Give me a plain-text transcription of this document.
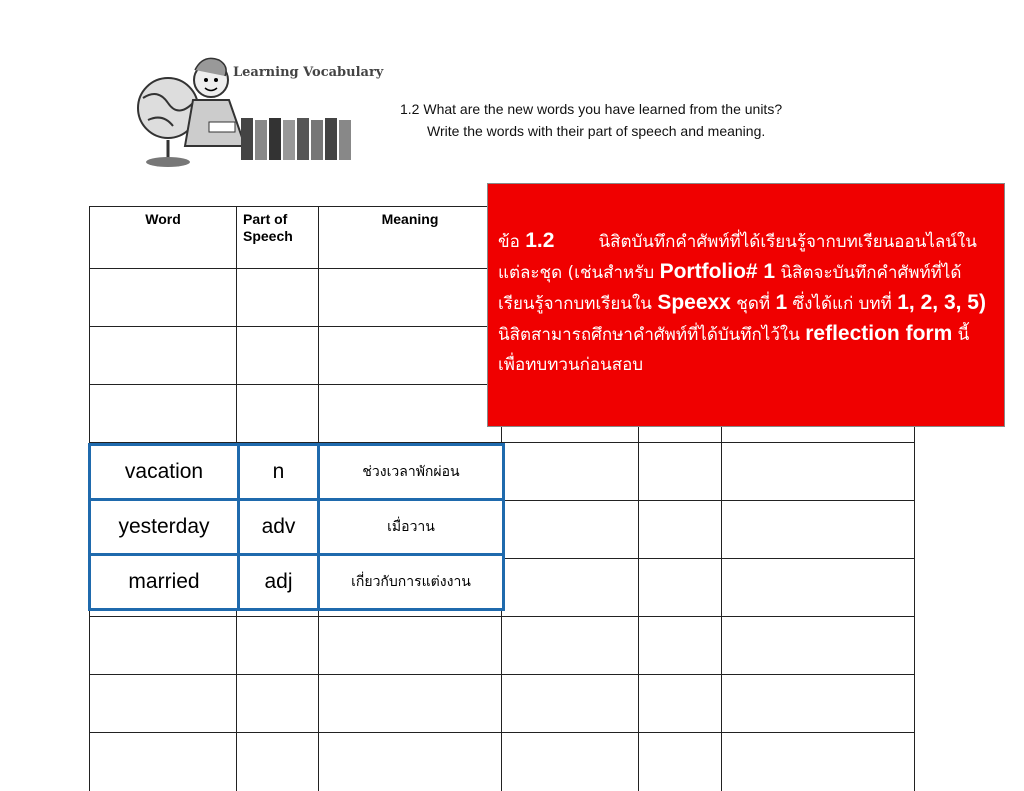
Learning Vocabulary
1.2 What are the new words you have learned from the units?
Write the words with their part of speech and meaning.
Word	Part of Speech	Meaning			

ข้อ 1.2	นิสิตบันทึกคำศัพท์ที่ได้เรียนรู้จากบทเรียนออนไลน์ในแต่ละชุด (เช่นสำหรับ Portfolio# 1 นิสิตจะบันทึกคำศัพท์ที่ได้เรียนรู้จากบทเรียนใน Speexx ชุดที่ 1 ซึ่งได้แก่ บทที่ 1, 2, 3, 5) นิสิตสามารถศึกษาคำศัพท์ที่ได้บันทึกไว้ใน reflection form นี้ เพื่อทบทวนก่อนสอบ
vacation	n	ช่วงเวลาพักผ่อน
yesterday	adv	เมื่อวาน
married	adj	เกี่ยวกับการแต่งงาน
